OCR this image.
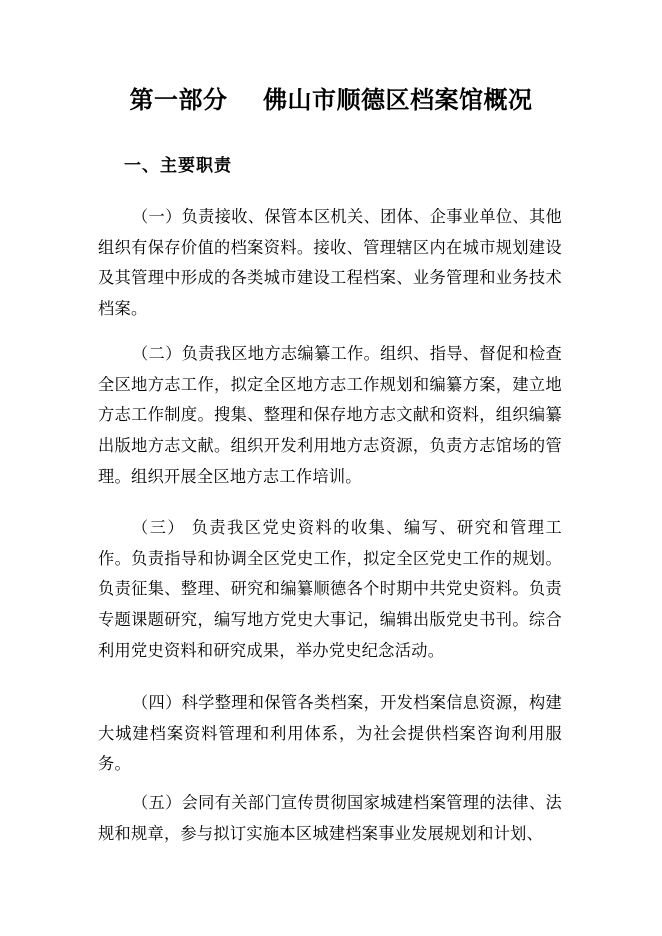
第一部分    佛山市顺德区档案馆概况
一、主要职责

（一）负责接收、保管本区机关、团体、企事业单位、其他组织有保存价值的档案资料。接收、管理辖区内在城市规划建设及其管理中形成的各类城市建设工程档案、业务管理和业务技术档案。

（二）负责我区地方志编纂工作。组织、指导、督促和检查全区地方志工作，拟定全区地方志工作规划和编纂方案，建立地方志工作制度。搜集、整理和保存地方志文献和资料，组织编纂出版地方志文献。组织开发利用地方志资源，负责方志馆场的管理。组织开展全区地方志工作培训。

（三） 负责我区党史资料的收集、编写、研究和管理工作。负责指导和协调全区党史工作，拟定全区党史工作的规划。负责征集、整理、研究和编纂顺德各个时期中共党史资料。负责专题课题研究，编写地方党史大事记，编辑出版党史书刊。综合利用党史资料和研究成果，举办党史纪念活动。

（四）科学整理和保管各类档案，开发档案信息资源，构建大城建档案资料管理和利用体系，为社会提供档案咨询利用服务。

（五）会同有关部门宣传贯彻国家城建档案管理的法律、法规和规章，参与拟订实施本区城建档案事业发展规划和计划、
